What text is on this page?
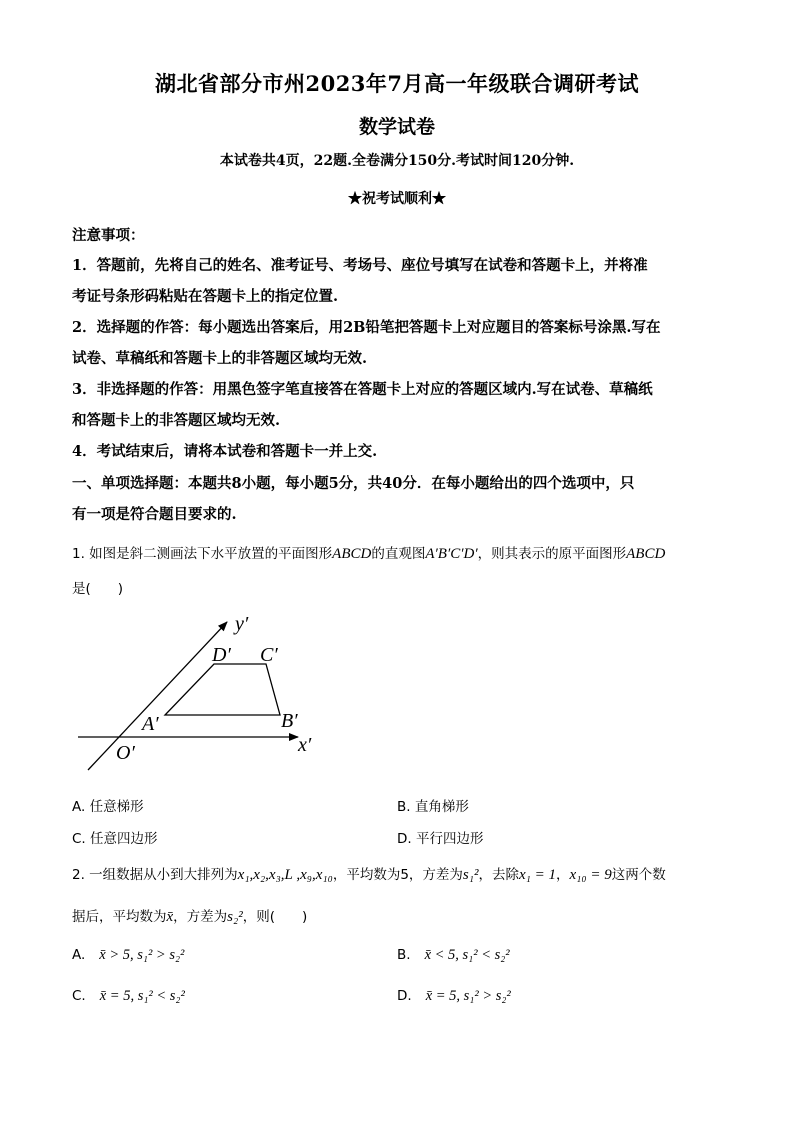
湖北省部分市州2023年7月高一年级联合调研考试
数学试卷
本试卷共4页，22题.全卷满分150分.考试时间120分钟.
★祝考试顺利★
注意事项：
1．答题前，先将自己的姓名、准考证号、考场号、座位号填写在试卷和答题卡上，并将准
考证号条形码粘贴在答题卡上的指定位置.
2．选择题的作答：每小题选出答案后，用2B铅笔把答题卡上对应题目的答案标号涂黑.写在
试卷、草稿纸和答题卡上的非答题区域均无效.
3．非选择题的作答：用黑色签字笔直接答在答题卡上对应的答题区域内.写在试卷、草稿纸
和答题卡上的非答题区域均无效.
4．考试结束后，请将本试卷和答题卡一并上交.
一、单项选择题：本题共8小题，每小题5分，共40分．在每小题给出的四个选项中，只
有一项是符合题目要求的.
1. 如图是斜二测画法下水平放置的平面图形ABCD的直观图A′B′C′D′，则其表示的原平面图形ABCD
是(　　)
y′
x′
O′
A′	B′
C′
D′
A. 任意梯形	B. 直角梯形
C. 任意四边形	D. 平行四边形
2. 一组数据从小到大排列为x₁,x₂,x₃,L ,x₉,x₁₀，平均数为5，方差为s₁²，去除x₁ = 1，x₁₀ = 9这两个数
据后，平均数为x̄，方差为s₂²，则(　　)
A. x̄ > 5, s₁² > s₂²	B. x̄ < 5, s₁² < s₂²
C. x̄ = 5, s₁² < s₂²	D. x̄ = 5, s₁² > s₂²
